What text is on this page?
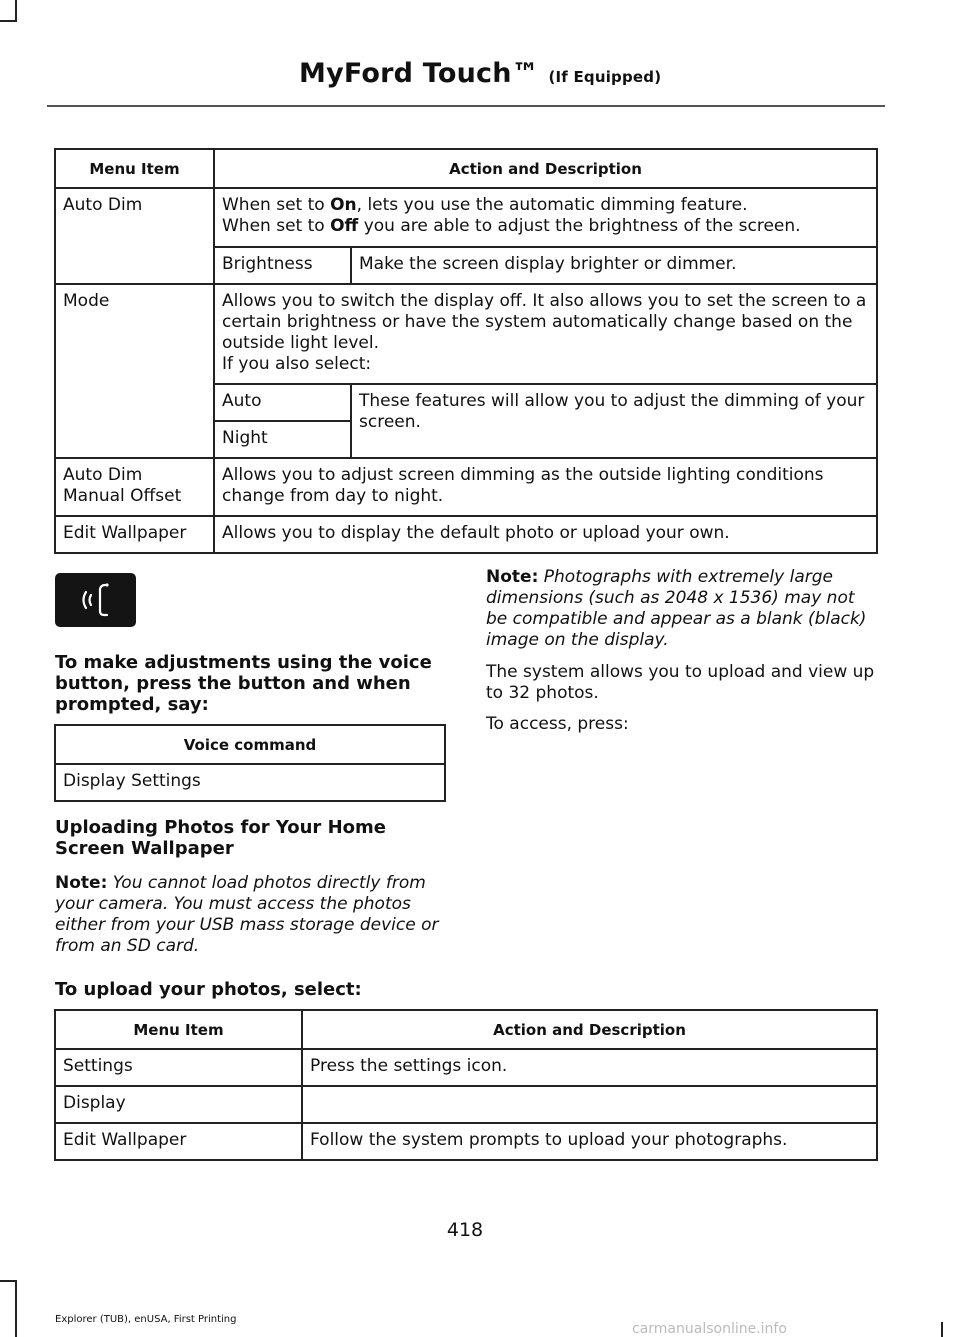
MyFord Touch™ (If Equipped)
Menu Item	Action and Description	
Auto Dim	When set to On, lets you use the automatic dimming feature.
When set to Off you are able to adjust the brightness of the screen.	
	Brightness	Make the screen display brighter or dimmer.
Mode	Allows you to switch the display off. It also allows you to set the screen to a certain brightness or have the system automatically change based on the outside light level.
If you also select:	
	Auto	These features will allow you to adjust the dimming of your screen.
	Night	
Auto Dim
Manual Offset	Allows you to adjust screen dimming as the outside lighting conditions change from day to night.	
Edit Wallpaper	Allows you to display the default photo or upload your own.	
To make adjustments using the voice button, press the button and when prompted, say:
Voice command
Display Settings
Uploading Photos for Your Home Screen Wallpaper
Note: You cannot load photos directly from your camera. You must access the photos either from your USB mass storage device or from an SD card.
Note: Photographs with extremely large dimensions (such as 2048 x 1536) may not be compatible and appear as a blank (black) image on the display.
The system allows you to upload and view up to 32 photos.
To access, press:
To upload your photos, select:
Menu Item	Action and Description
Settings	Press the settings icon.
Display	
Edit Wallpaper	Follow the system prompts to upload your photographs.
418
Explorer (TUB), enUSA, First Printing
carmanualsonline.info
